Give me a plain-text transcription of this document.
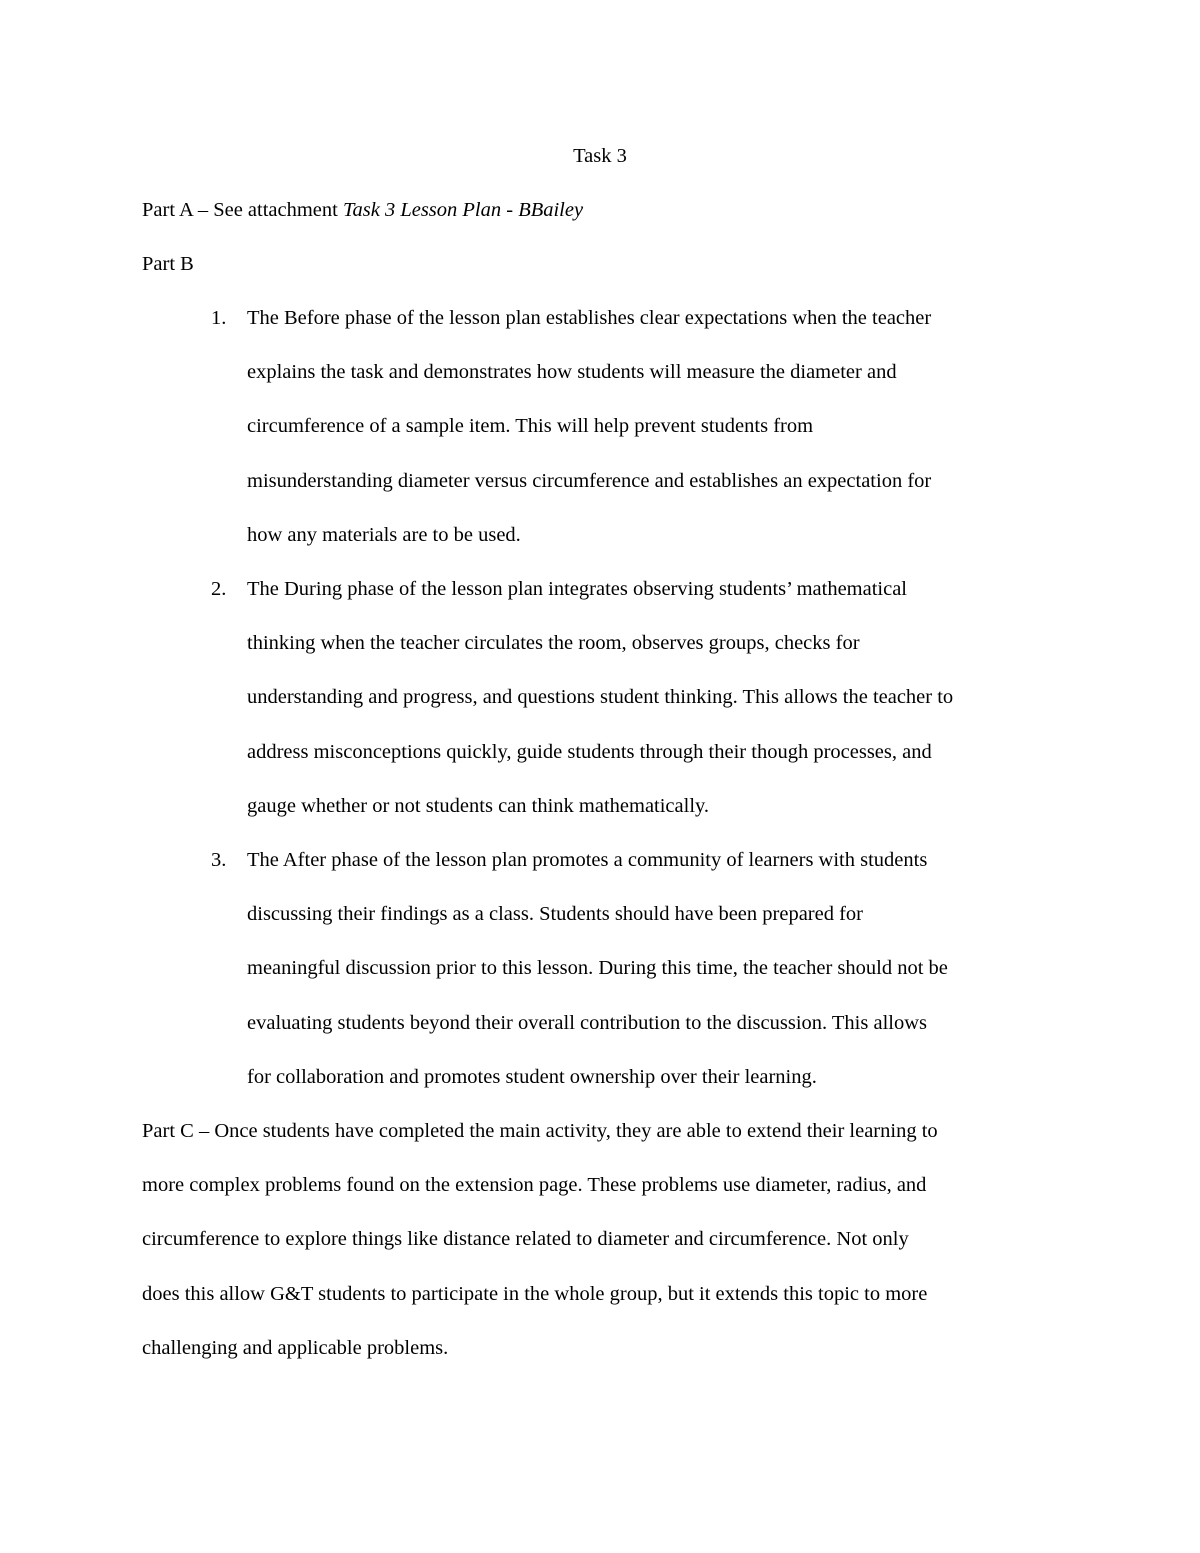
Task 3
Part A – See attachment Task 3 Lesson Plan - BBailey
Part B
1. The Before phase of the lesson plan establishes clear expectations when the teacher
explains the task and demonstrates how students will measure the diameter and
circumference of a sample item. This will help prevent students from
misunderstanding diameter versus circumference and establishes an expectation for
how any materials are to be used.
2. The During phase of the lesson plan integrates observing students’ mathematical
thinking when the teacher circulates the room, observes groups, checks for
understanding and progress, and questions student thinking. This allows the teacher to
address misconceptions quickly, guide students through their though processes, and
gauge whether or not students can think mathematically.
3. The After phase of the lesson plan promotes a community of learners with students
discussing their findings as a class. Students should have been prepared for
meaningful discussion prior to this lesson. During this time, the teacher should not be
evaluating students beyond their overall contribution to the discussion. This allows
for collaboration and promotes student ownership over their learning.
Part C – Once students have completed the main activity, they are able to extend their learning to
more complex problems found on the extension page. These problems use diameter, radius, and
circumference to explore things like distance related to diameter and circumference. Not only
does this allow G&T students to participate in the whole group, but it extends this topic to more
challenging and applicable problems.
